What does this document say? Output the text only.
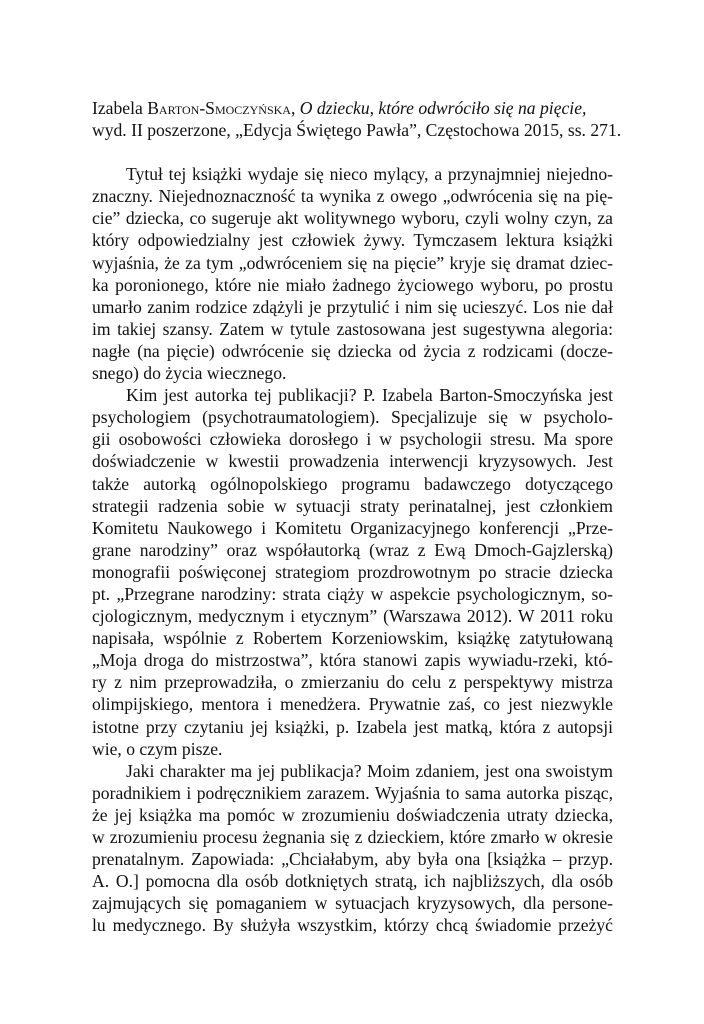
Izabela Barton-Smoczyńska, O dziecku, które odwróciło się na pięcie,
wyd. II poszerzone, „Edycja Świętego Pawła”, Częstochowa 2015, ss. 271.
Tytuł tej książki wydaje się nieco mylący, a przynajmniej niejedno-
znaczny. Niejednoznaczność ta wynika z owego „odwrócenia się na pię-
cie” dziecka, co sugeruje akt wolitywnego wyboru, czyli wolny czyn, za
który odpowiedzialny jest człowiek żywy. Tymczasem lektura książki
wyjaśnia, że za tym „odwróceniem się na pięcie” kryje się dramat dziec-
ka poronionego, które nie miało żadnego życiowego wyboru, po prostu
umarło zanim rodzice zdążyli je przytulić i nim się ucieszyć. Los nie dał
im takiej szansy. Zatem w tytule zastosowana jest sugestywna alegoria:
nagłe (na pięcie) odwrócenie się dziecka od życia z rodzicami (docze-
snego) do życia wiecznego.
Kim jest autorka tej publikacji? P. Izabela Barton-Smoczyńska jest
psychologiem (psychotraumatologiem). Specjalizuje się w psycholo-
gii osobowości człowieka dorosłego i w psychologii stresu. Ma spore
doświadczenie w kwestii prowadzenia interwencji kryzysowych. Jest
także autorką ogólnopolskiego programu badawczego dotyczącego
strategii radzenia sobie w sytuacji straty perinatalnej, jest członkiem
Komitetu Naukowego i Komitetu Organizacyjnego konferencji „Prze-
grane narodziny” oraz współautorką (wraz z Ewą Dmoch-Gajzlerską)
monografii poświęconej strategiom prozdrowotnym po stracie dziecka
pt. „Przegrane narodziny: strata ciąży w aspekcie psychologicznym, so-
cjologicznym, medycznym i etycznym” (Warszawa 2012). W 2011 roku
napisała, wspólnie z Robertem Korzeniowskim, książkę zatytułowaną
„Moja droga do mistrzostwa”, która stanowi zapis wywiadu-rzeki, któ-
ry z nim przeprowadziła, o zmierzaniu do celu z perspektywy mistrza
olimpijskiego, mentora i menedżera. Prywatnie zaś, co jest niezwykle
istotne przy czytaniu jej książki, p. Izabela jest matką, która z autopsji
wie, o czym pisze.
Jaki charakter ma jej publikacja? Moim zdaniem, jest ona swoistym
poradnikiem i podręcznikiem zarazem. Wyjaśnia to sama autorka pisząc,
że jej książka ma pomóc w zrozumieniu doświadczenia utraty dziecka,
w zrozumieniu procesu żegnania się z dzieckiem, które zmarło w okresie
prenatalnym. Zapowiada: „Chciałabym, aby była ona [książka – przyp.
A. O.] pomocna dla osób dotkniętych stratą, ich najbliższych, dla osób
zajmujących się pomaganiem w sytuacjach kryzysowych, dla persone-
lu medycznego. By służyła wszystkim, którzy chcą świadomie przeżyć
